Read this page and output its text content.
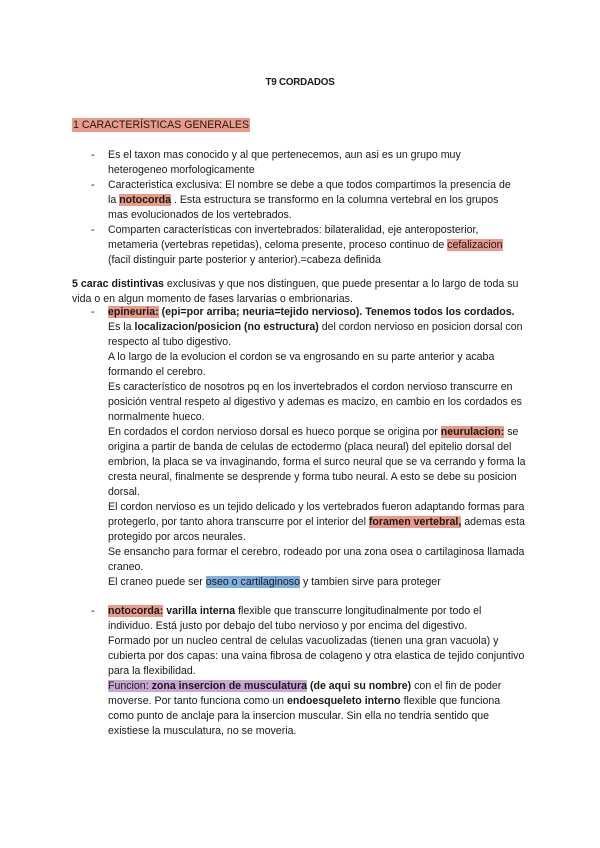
T9 CORDADOS
1 CARACTERÍSTICAS GENERALES
- Es el taxon mas conocido y al que pertenecemos, aun asi es un grupo muy heterogeneo morfologicamente
- Caracteristica exclusiva: El nombre se debe a que todos compartimos la presencia de la notocorda . Esta estructura se transformo en la columna vertebral en los grupos mas evolucionados de los vertebrados.
- Comparten características con invertebrados: bilateralidad, eje anteroposterior, metameria (vertebras repetidas), celoma presente, proceso continuo de cefalizacion (facil distinguir parte posterior y anterior).=cabeza definida

5 carac distintivas exclusivas y que nos distinguen, que puede presentar a lo largo de toda su vida o en algun momento de fases larvarias o embrionarias.

- epineuria: (epi=por arriba; neuria=tejido nervioso). Tenemos todos los cordados. Es la localizacion/posicion (no estructura) del cordon nervioso en posicion dorsal con respecto al tubo digestivo.
A lo largo de la evolucion el cordon se va engrosando en su parte anterior y acaba formando el cerebro.
Es característico de nosotros pq en los invertebrados el cordon nervioso transcurre en posición ventral respeto al digestivo y ademas es macizo, en cambio en los cordados es normalmente hueco.
En cordados el cordon nervioso dorsal es hueco porque se origina por neurulacion: se origina a partir de banda de celulas de ectodermo (placa neural) del epitelio dorsal del embrion, la placa se va invaginando, forma el surco neural que se va cerrando y forma la cresta neural, finalmente se desprende y forma tubo neural. A esto se debe su posicion dorsal.
El cordon nervioso es un tejido delicado y los vertebrados fueron adaptando formas para protegerlo, por tanto ahora transcurre por el interior del foramen vertebral, ademas esta protegido por arcos neurales.
Se ensancho para formar el cerebro, rodeado por una zona osea o cartilaginosa llamada craneo.
El craneo puede ser oseo o cartilaginoso y tambien sirve para proteger
- notocorda: varilla interna flexible que transcurre longitudinalmente por todo el individuo. Está justo por debajo del tubo nervioso y por encima del digestivo.
Formado por un nucleo central de celulas vacuolizadas (tienen una gran vacuola) y cubierta por dos capas: una vaina fibrosa de colageno y otra elastica de tejido conjuntivo para la flexibilidad.
Funcion: zona insercion de musculatura (de aqui su nombre) con el fin de poder moverse. Por tanto funciona como un endoesqueleto interno flexible que funciona como punto de anclaje para la insercion muscular. Sin ella no tendria sentido que existiese la musculatura, no se moveria.
